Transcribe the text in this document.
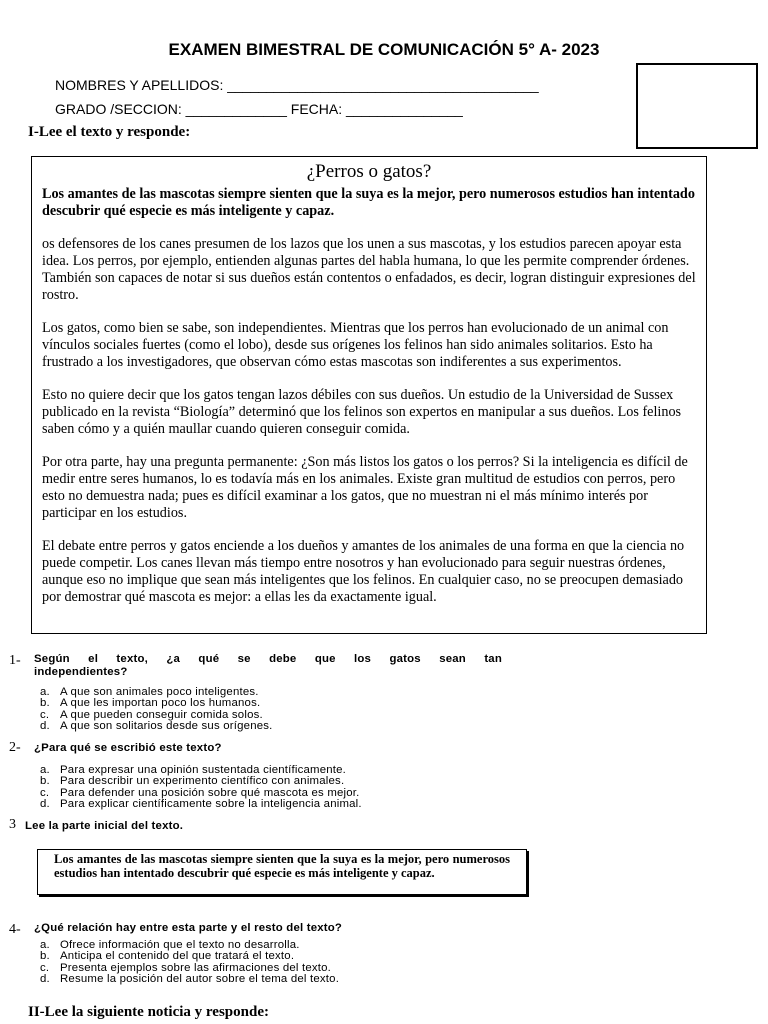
EXAMEN BIMESTRAL DE COMUNICACIÓN 5° A- 2023
NOMBRES Y APELLIDOS: ________________________________________
GRADO /SECCION: _____________ FECHA: _______________
I-Lee el texto y responde:
¿Perros o gatos?

Los amantes de las mascotas siempre sienten que la suya es la mejor, pero numerosos estudios han intentado descubrir qué especie es más inteligente y capaz.

os defensores de los canes presumen de los lazos que los unen a sus mascotas, y los estudios parecen apoyar esta idea. Los perros, por ejemplo, entienden algunas partes del habla humana, lo que les permite comprender órdenes. También son capaces de notar si sus dueños están contentos o enfadados, es decir, logran distinguir expresiones del rostro.

Los gatos, como bien se sabe, son independientes. Mientras que los perros han evolucionado de un animal con vínculos sociales fuertes (como el lobo), desde sus orígenes los felinos han sido animales solitarios. Esto ha frustrado a los investigadores, que observan cómo estas mascotas son indiferentes a sus experimentos.

Esto no quiere decir que los gatos tengan lazos débiles con sus dueños. Un estudio de la Universidad de Sussex publicado en la revista “Biología” determinó que los felinos son expertos en manipular a sus dueños. Los felinos saben cómo y a quién maullar cuando quieren conseguir comida.

Por otra parte, hay una pregunta permanente: ¿Son más listos los gatos o los perros? Si la inteligencia es difícil de medir entre seres humanos, lo es todavía más en los animales. Existe gran multitud de estudios con perros, pero esto no demuestra nada; pues es difícil examinar a los gatos, que no muestran ni el más mínimo interés por participar en los estudios.

El debate entre perros y gatos enciende a los dueños y amantes de los animales de una forma en que la ciencia no puede competir. Los canes llevan más tiempo entre nosotros y han evolucionado para seguir nuestras órdenes, aunque eso no implique que sean más inteligentes que los felinos. En cualquier caso, no se preocupen demasiado por demostrar qué mascota es mejor: a ellas les da exactamente igual.

1- Según el texto, ¿a qué se debe que los gatos sean tan independientes?
a. A que son animales poco inteligentes.
b. A que les importan poco los humanos.
c. A que pueden conseguir comida solos.
d. A que son solitarios desde sus orígenes.
2- ¿Para qué se escribió este texto?
a. Para expresar una opinión sustentada científicamente.
b. Para describir un experimento científico con animales.
c. Para defender una posición sobre qué mascota es mejor.
d. Para explicar científicamente sobre la inteligencia animal.
3 Lee la parte inicial del texto.
Los amantes de las mascotas siempre sienten que la suya es la mejor, pero numerosos estudios han intentado descubrir qué especie es más inteligente y capaz.
4- ¿Qué relación hay entre esta parte y el resto del texto?
a. Ofrece información que el texto no desarrolla.
b. Anticipa el contenido del que tratará el texto.
c. Presenta ejemplos sobre las afirmaciones del texto.
d. Resume la posición del autor sobre el tema del texto.
II-Lee la siguiente noticia y responde:
